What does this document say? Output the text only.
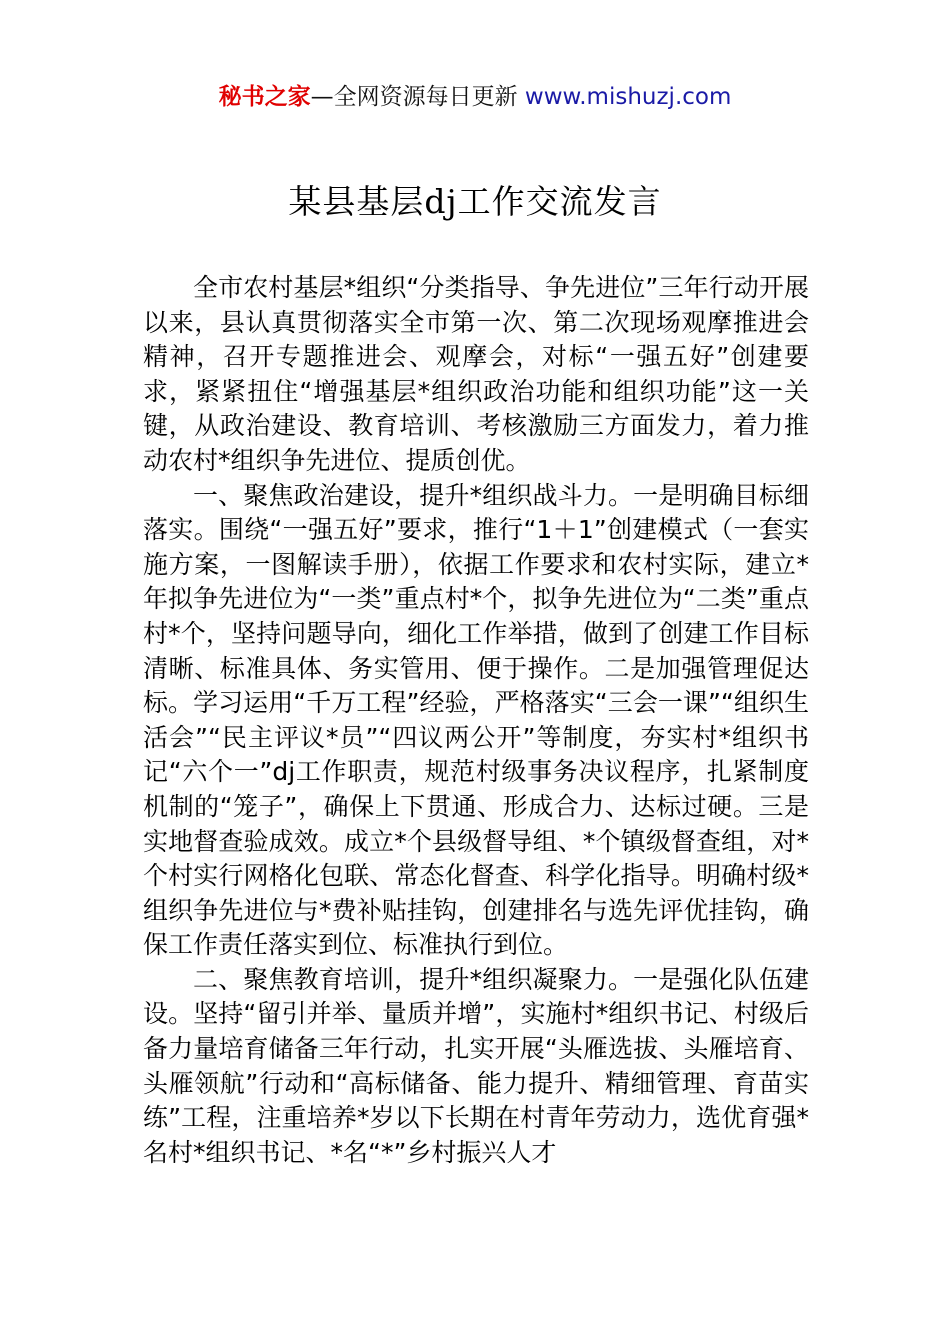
秘书之家—全网资源每日更新 www.mishuzj.com
某县基层dj工作交流发言

全市农村基层*组织“分类指导、争先进位”三年行动开展以来，县认真贯彻落实全市第一次、第二次现场观摩推进会精神，召开专题推进会、观摩会，对标“一强五好”创建要求，紧紧扭住“增强基层*组织政治功能和组织功能”这一关键，从政治建设、教育培训、考核激励三方面发力，着力推动农村*组织争先进位、提质创优。

一、聚焦政治建设，提升*组织战斗力。一是明确目标细落实。围绕“一强五好”要求，推行“1＋1”创建模式（一套实施方案，一图解读手册），依据工作要求和农村实际，建立*年拟争先进位为“一类”重点村*个，拟争先进位为“二类”重点村*个，坚持问题导向，细化工作举措，做到了创建工作目标清晰、标准具体、务实管用、便于操作。二是加强管理促达标。学习运用“千万工程”经验，严格落实“三会一课”“组织生活会”“民主评议*员”“四议两公开”等制度，夯实村*组织书记“六个一”dj工作职责，规范村级事务决议程序，扎紧制度机制的“笼子”，确保上下贯通、形成合力、达标过硬。三是实地督查验成效。成立*个县级督导组、*个镇级督查组，对*个村实行网格化包联、常态化督查、科学化指导。明确村级*组织争先进位与*费补贴挂钩，创建排名与选先评优挂钩，确保工作责任落实到位、标准执行到位。

二、聚焦教育培训，提升*组织凝聚力。一是强化队伍建设。坚持“留引并举、量质并增”，实施村*组织书记、村级后备力量培育储备三年行动，扎实开展“头雁选拔、头雁培育、头雁领航”行动和“高标储备、能力提升、精细管理、育苗实练”工程，注重培养*岁以下长期在村青年劳动力，选优育强*名村*组织书记、*名“*”乡村振兴人才
